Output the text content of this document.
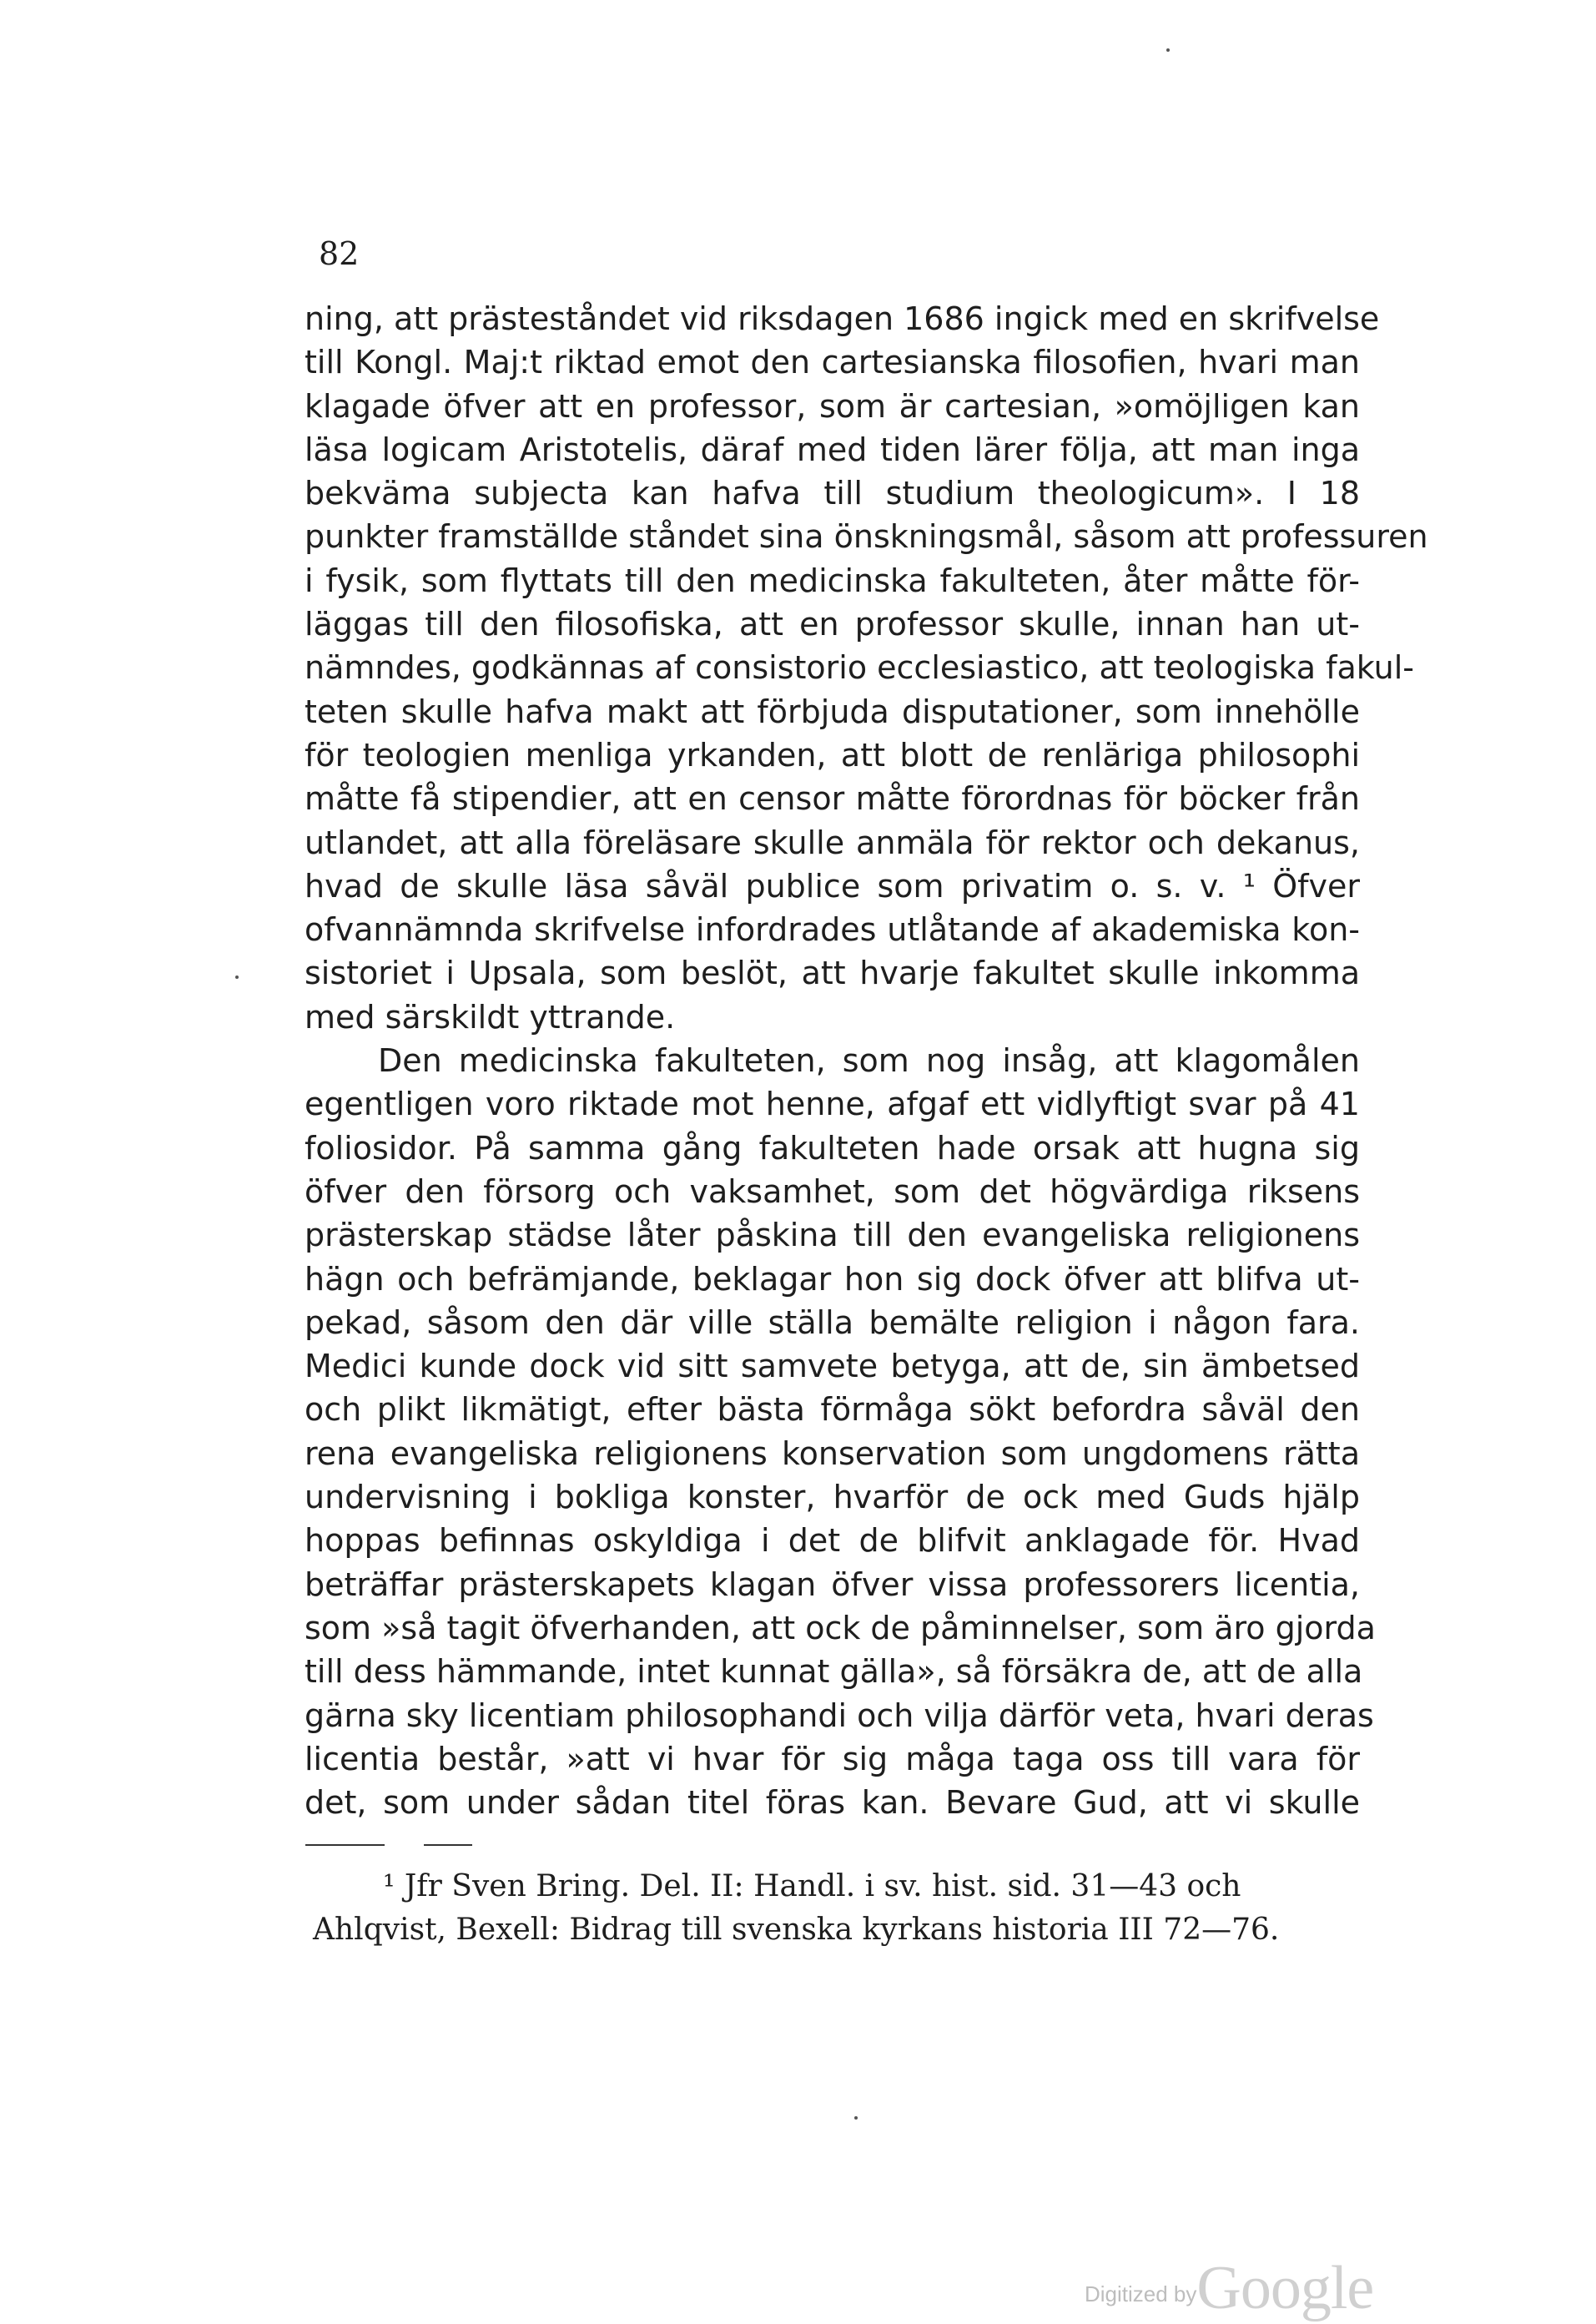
82
ning, att prästeståndet vid riksdagen 1686 ingick med en skrifvelse
till Kongl. Maj:t riktad emot den cartesianska filosofien, hvari man
klagade öfver att en professor, som är cartesian, »omöjligen kan
läsa logicam Aristotelis, däraf med tiden lärer följa, att man inga
bekväma subjecta kan hafva till studium theologicum». I 18
punkter framställde ståndet sina önskningsmål, såsom att professuren
i fysik, som flyttats till den medicinska fakulteten, åter måtte för-
läggas till den filosofiska, att en professor skulle, innan han ut-
nämndes, godkännas af consistorio ecclesiastico, att teologiska fakul-
teten skulle hafva makt att förbjuda disputationer, som innehölle
för teologien menliga yrkanden, att blott de renläriga philosophi
måtte få stipendier, att en censor måtte förordnas för böcker från
utlandet, att alla föreläsare skulle anmäla för rektor och dekanus,
hvad de skulle läsa såväl publice som privatim o. s. v. ¹ Öfver
ofvannämnda skrifvelse infordrades utlåtande af akademiska kon-
sistoriet i Upsala, som beslöt, att hvarje fakultet skulle inkomma
med särskildt yttrande.
Den medicinska fakulteten, som nog insåg, att klagomålen
egentligen voro riktade mot henne, afgaf ett vidlyftigt svar på 41
foliosidor. På samma gång fakulteten hade orsak att hugna sig
öfver den försorg och vaksamhet, som det högvärdiga riksens
prästerskap städse låter påskina till den evangeliska religionens
hägn och befrämjande, beklagar hon sig dock öfver att blifva ut-
pekad, såsom den där ville ställa bemälte religion i någon fara.
Medici kunde dock vid sitt samvete betyga, att de, sin ämbetsed
och plikt likmätigt, efter bästa förmåga sökt befordra såväl den
rena evangeliska religionens konservation som ungdomens rätta
undervisning i bokliga konster, hvarför de ock med Guds hjälp
hoppas befinnas oskyldiga i det de blifvit anklagade för. Hvad
beträffar prästerskapets klagan öfver vissa professorers licentia,
som »så tagit öfverhanden, att ock de påminnelser, som äro gjorda
till dess hämmande, intet kunnat gälla», så försäkra de, att de alla
gärna sky licentiam philosophandi och vilja därför veta, hvari deras
licentia består, »att vi hvar för sig måga taga oss till vara för
det, som under sådan titel föras kan. Bevare Gud, att vi skulle
¹ Jfr Sven Bring. Del. II: Handl. i sv. hist. sid. 31—43 och
Ahlqvist, Bexell: Bidrag till svenska kyrkans historia III 72—76.
Digitized byGoogle
